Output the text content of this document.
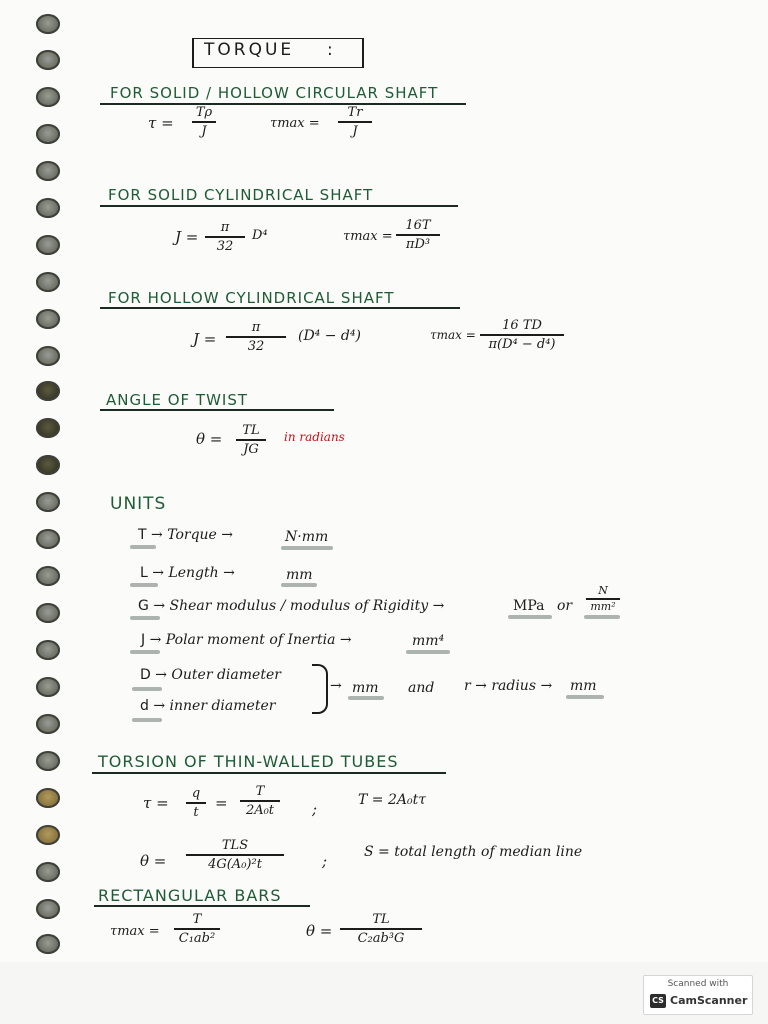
TORQUE :
FOR SOLID / HOLLOW CIRCULAR SHAFT
τ =
Tρ
J	τmax =
Tr
J
FOR SOLID CYLINDRICAL SHAFT
J =
π
32
D⁴	τmax =
16T
πD³
FOR HOLLOW CYLINDRICAL SHAFT
J =
π
32
(D⁴ − d⁴)	τmax =
16 TD
π(D⁴ − d⁴)
ANGLE OF TWIST
θ = TL
JG
in radians
UNITS
T → Torque →	N·mm
L → Length →	mm
G → Shear modulus / modulus of Rigidity →	MPa or
N
mm²
J → Polar moment of Inertia →	mm⁴
D → Outer diameter
d → inner diameter
→ mm and r → radius → mm
TORSION OF THIN-WALLED TUBES
τ =
q
t =
T
2A₀t	;	T = 2A₀tτ
θ =
TLS
4G(A₀)²t	;	S = total length of median line
RECTANGULAR BARS
τmax =
T
C₁ab²	θ =
TL
C₂ab³G
Scanned with
CS CamScanner
